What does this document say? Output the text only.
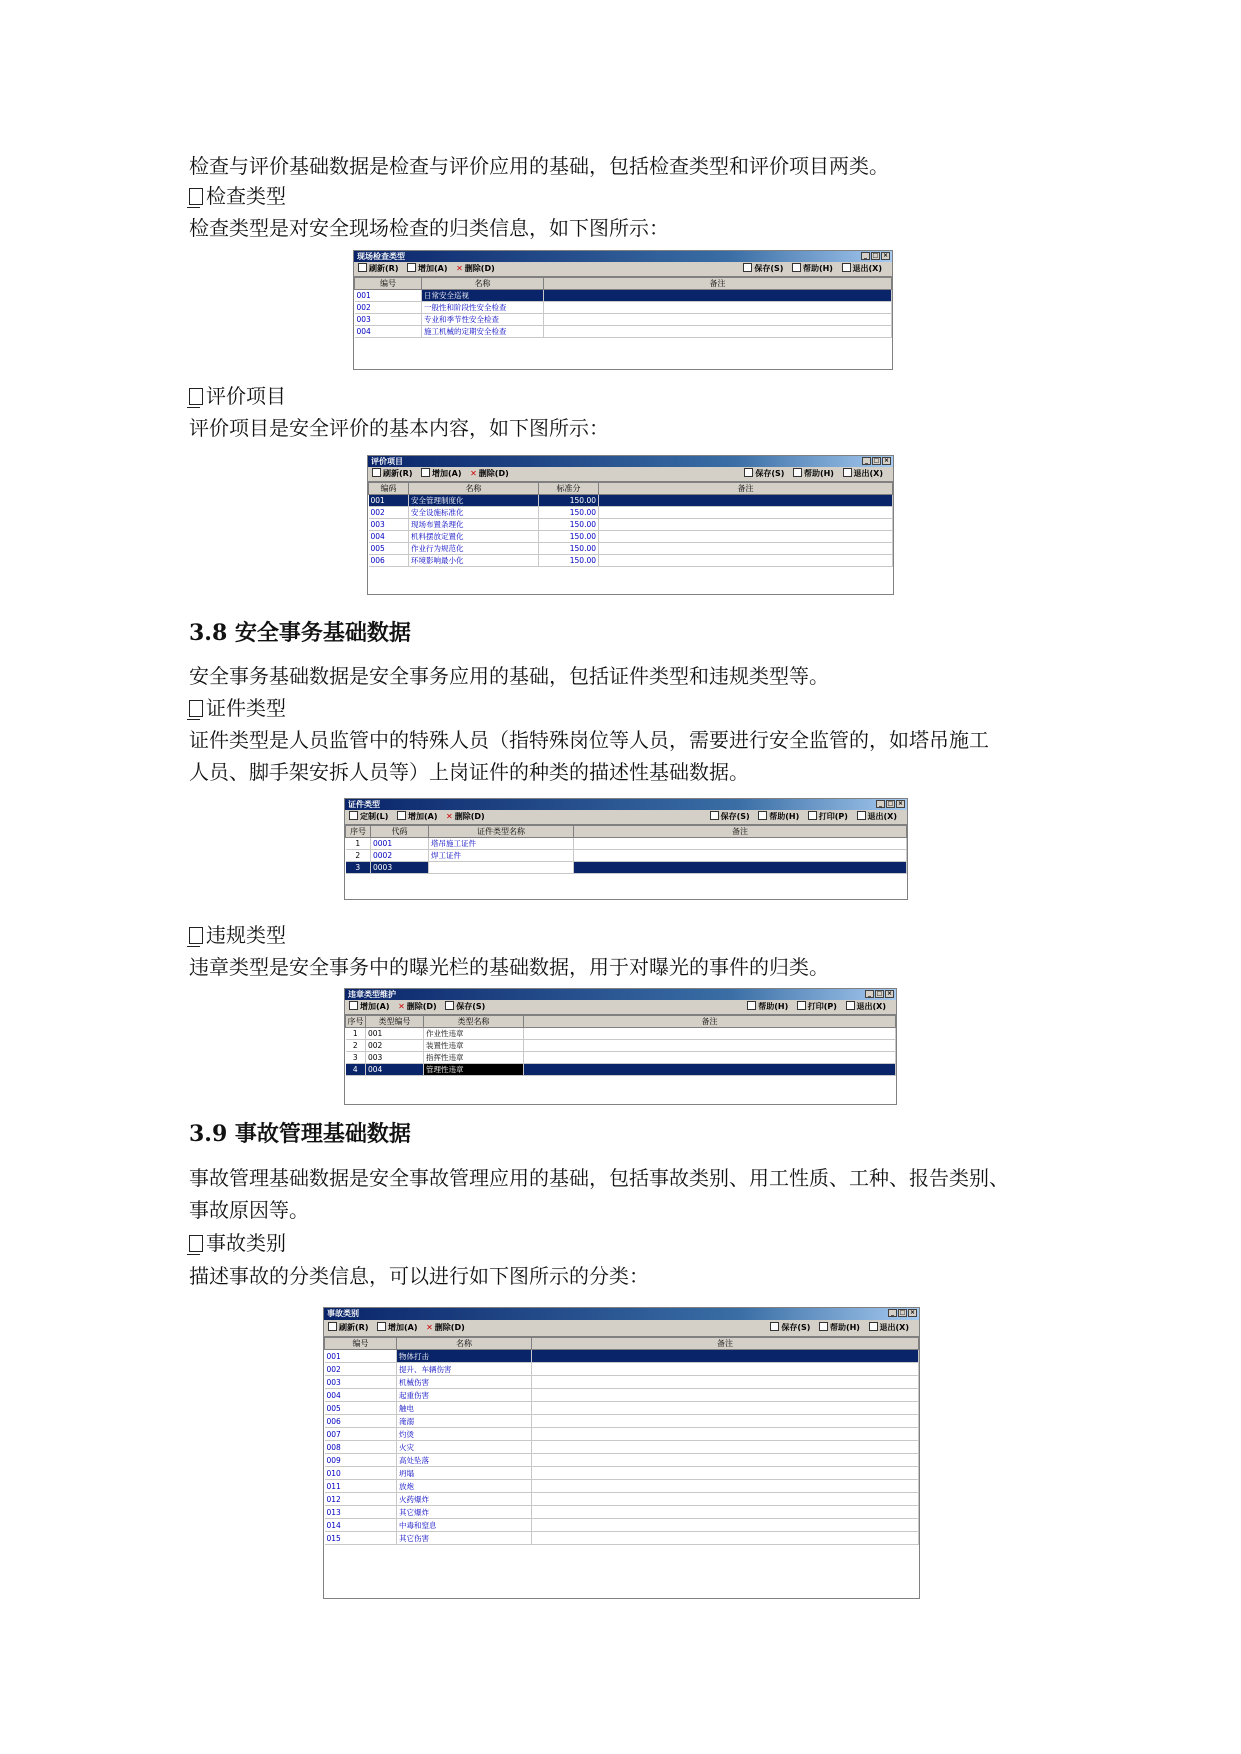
检查与评价基础数据是检查与评价应用的基础，包括检查类型和评价项目两类。
检查类型
检查类型是对安全现场检查的归类信息，如下图所示：
现场检查类型	_ □ ×
刷新(R) 增加(A) ✕ 删除(D)	保存(S) 帮助(H) 退出(X)
编号	名称	备注
001	日常安全巡视	
002	一般性和阶段性安全检查	
003	专业和季节性安全检查	
004	施工机械的定期安全检查	
评价项目
评价项目是安全评价的基本内容，如下图所示：
评价项目	_ □ ×
刷新(R) 增加(A) ✕ 删除(D)	保存(S) 帮助(H) 退出(X)
编码	名称	标准分	备注
001	安全管理制度化	150.00	
002	安全设施标准化	150.00	
003	现场布置条理化	150.00	
004	机料摆放定置化	150.00	
005	作业行为规范化	150.00	
006	环境影响最小化	150.00	
3.8 安全事务基础数据
安全事务基础数据是安全事务应用的基础，包括证件类型和违规类型等。
证件类型
证件类型是人员监管中的特殊人员（指特殊岗位等人员，需要进行安全监管的，如塔吊施工
人员、脚手架安拆人员等）上岗证件的种类的描述性基础数据。
证件类型	_ □ ×
定制(L) 增加(A) ✕ 删除(D)	保存(S) 帮助(H) 打印(P) 退出(X)
序号	代码	证件类型名称	备注
1	0001	塔吊施工证件	
2	0002	焊工证件	
3	0003		
违规类型
违章类型是安全事务中的曝光栏的基础数据，用于对曝光的事件的归类。
违章类型维护	_ □ ×
增加(A) ✕ 删除(D) 保存(S)	帮助(H) 打印(P) 退出(X)
序号	类型编号	类型名称	备注
1	001	作业性违章	
2	002	装置性违章	
3	003	指挥性违章	
4	004	管理性违章	
3.9 事故管理基础数据
事故管理基础数据是安全事故管理应用的基础，包括事故类别、用工性质、工种、报告类别、
事故原因等。
事故类别
描述事故的分类信息，可以进行如下图所示的分类：
事故类别	_ □ ×
刷新(R) 增加(A) ✕ 删除(D)	保存(S) 帮助(H) 退出(X)
编号	名称	备注
001	物体打击	
002	提升、车辆伤害	
003	机械伤害	
004	起重伤害	
005	触电	
006	淹溺	
007	灼烫	
008	火灾	
009	高处坠落	
010	坍塌	
011	放炮	
012	火药爆炸	
013	其它爆炸	
014	中毒和窒息	
015	其它伤害	
